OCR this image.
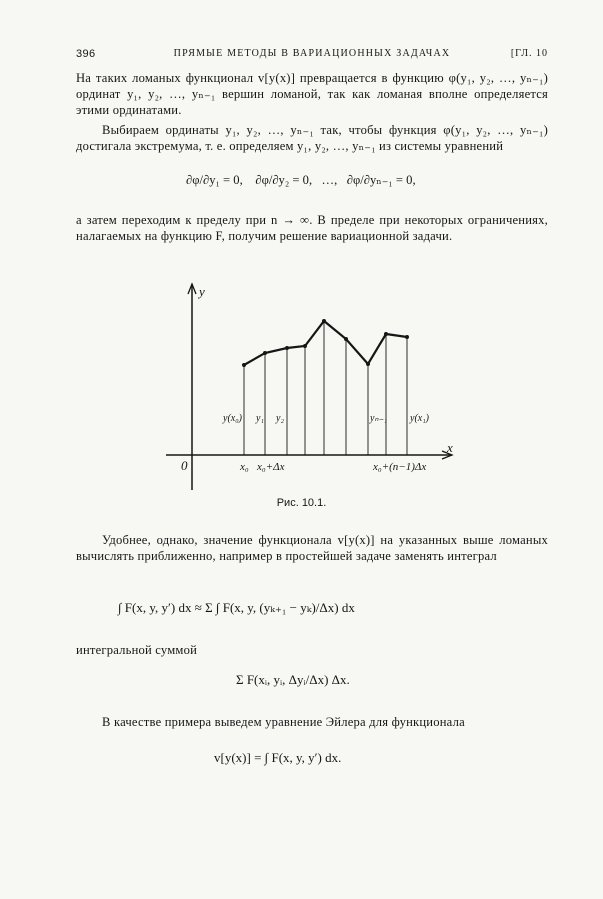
396	ПРЯМЫЕ МЕТОДЫ В ВАРИАЦИОННЫХ ЗАДАЧАХ	[ГЛ. 10

На таких ломаных функционал v[y(x)] превращается в функцию φ(y₁, y₂, …, yₙ₋₁) ординат y₁, y₂, …, yₙ₋₁ вершин ломаной, так как ломаная вполне определяется этими ординатами.

Выбираем ординаты y₁, y₂, …, yₙ₋₁ так, чтобы функция φ(y₁, y₂, …, yₙ₋₁) достигала экстремума, т. е. определяем y₁, y₂, …, yₙ₋₁ из системы уравнений

∂φ/∂y₁ = 0, ∂φ/∂y₂ = 0, …, ∂φ/∂yₙ₋₁ = 0,

а затем переходим к пределу при n → ∞. В пределе при некоторых ограничениях, налагаемых на функцию F, получим решение вариационной задачи.

y
x
0	x₀ x₀+Δx	x₀+(n−1)Δx
y(x₀) y₁ y₂	yₙ₋₁ y(x₁)
Рис. 10.1.

Удобнее, однако, значение функционала v[y(x)] на указанных выше ломаных вычислять приближенно, например в простейшей задаче заменять интеграл

∫ F(x, y, y′) dx ≈ Σ ∫ F(x, y, (yₖ₊₁ − yₖ)/Δx) dx

интегральной суммой

Σ F(xᵢ, yᵢ, Δyᵢ/Δx) Δx.

В качестве примера выведем уравнение Эйлера для функционала

v[y(x)] = ∫ F(x, y, y′) dx.
